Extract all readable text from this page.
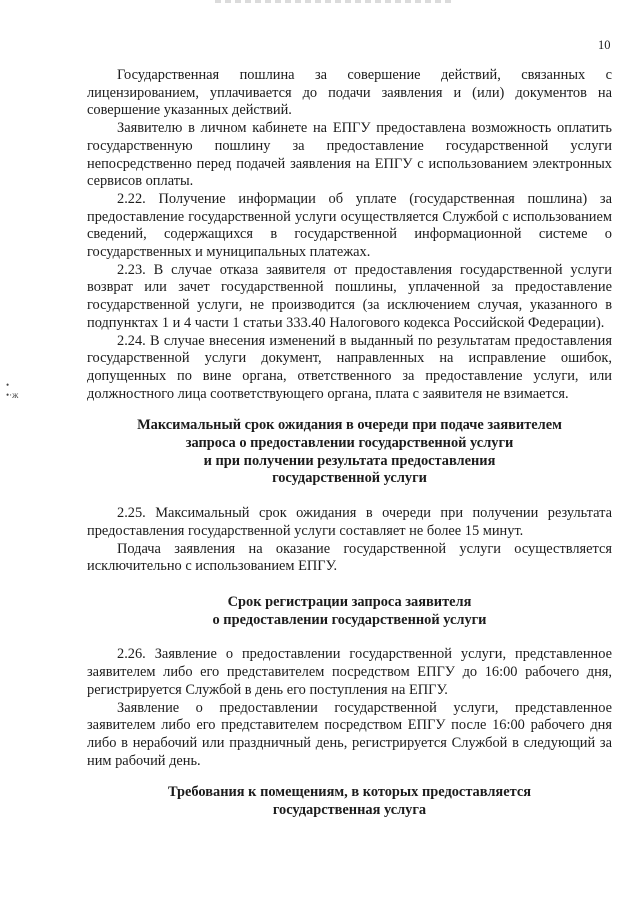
10
•
•·ж

Государственная пошлина за совершение действий, связанных с лицензированием, уплачивается до подачи заявления и (или) документов на совершение указанных действий.

Заявителю в личном кабинете на ЕПГУ предоставлена возможность оплатить государственную пошлину за предоставление государственной услуги непосредственно перед подачей заявления на ЕПГУ с использованием электронных сервисов оплаты.

2.22. Получение информации об уплате (государственная пошлина) за предоставление государственной услуги осуществляется Службой с использованием сведений, содержащихся в государственной информационной системе о государственных и муниципальных платежах.

2.23. В случае отказа заявителя от предоставления государственной услуги возврат или зачет государственной пошлины, уплаченной за предоставление государственной услуги, не производится (за исключением случая, указанного в подпунктах 1 и 4 части 1 статьи 333.40 Налогового кодекса Российской Федерации).

2.24. В случае внесения изменений в выданный по результатам предоставления государственной услуги документ, направленных на исправление ошибок, допущенных по вине органа, ответственного за предоставление услуги, или должностного лица соответствующего органа, плата с заявителя не взимается.

Максимальный срок ожидания в очереди при подаче заявителем
запроса о предоставлении государственной услуги
и при получении результата предоставления
государственной услуги

2.25. Максимальный срок ожидания в очереди при получении результата предоставления государственной услуги составляет не более 15 минут.

Подача заявления на оказание государственной услуги осуществляется исключительно с использованием ЕПГУ.

Срок регистрации запроса заявителя
о предоставлении государственной услуги

2.26. Заявление о предоставлении государственной услуги, представленное заявителем либо его представителем посредством ЕПГУ до 16:00 рабочего дня, регистрируется Службой в день его поступления на ЕПГУ.

Заявление о предоставлении государственной услуги, представленное заявителем либо его представителем посредством ЕПГУ после 16:00 рабочего дня либо в нерабочий или праздничный день, регистрируется Службой в следующий за ним рабочий день.

Требования к помещениям, в которых предоставляется
государственная услуга
